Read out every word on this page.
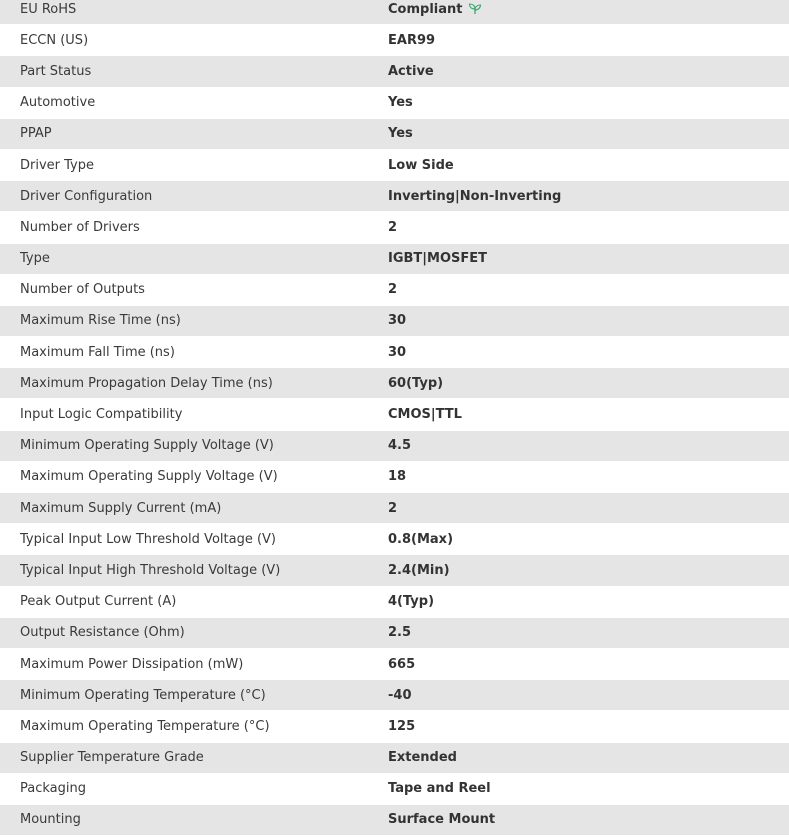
EU RoHS	Compliant
ECCN (US)	EAR99
Part Status	Active
Automotive	Yes
PPAP	Yes
Driver Type	Low Side
Driver Configuration	Inverting|Non-Inverting
Number of Drivers	2
Type	IGBT|MOSFET
Number of Outputs	2
Maximum Rise Time (ns)	30
Maximum Fall Time (ns)	30
Maximum Propagation Delay Time (ns)	60(Typ)
Input Logic Compatibility	CMOS|TTL
Minimum Operating Supply Voltage (V)	4.5
Maximum Operating Supply Voltage (V)	18
Maximum Supply Current (mA)	2
Typical Input Low Threshold Voltage (V)	0.8(Max)
Typical Input High Threshold Voltage (V)	2.4(Min)
Peak Output Current (A)	4(Typ)
Output Resistance (Ohm)	2.5
Maximum Power Dissipation (mW)	665
Minimum Operating Temperature (°C)	-40
Maximum Operating Temperature (°C)	125
Supplier Temperature Grade	Extended
Packaging	Tape and Reel
Mounting	Surface Mount
